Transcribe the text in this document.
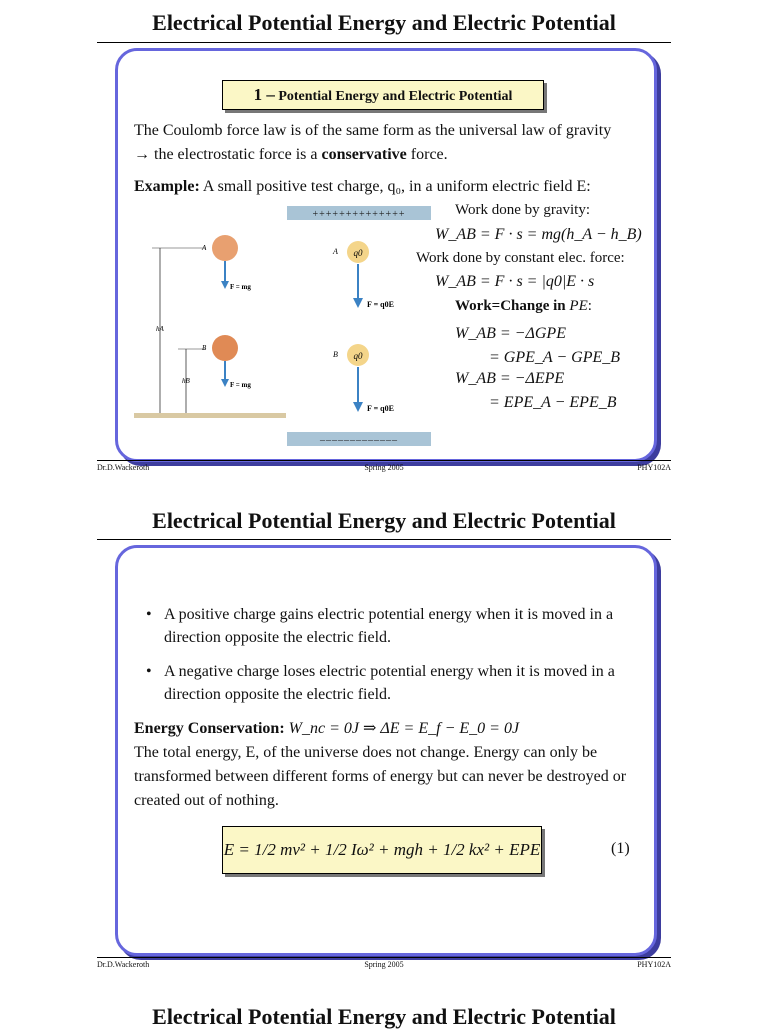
Electrical Potential Energy and Electric Potential
1 – Potential Energy and Electric Potential
The Coulomb force law is of the same form as the universal law of gravity
→ the electrostatic force is a conservative force.
Example: A small positive test charge, q₀, in a uniform electric field E:
hA
hB
A
B
F = mg
F = mg
++++++++++++++
–––––––––––––
q0
q0
A
B
F = q0E
F = q0E
Work done by gravity:
W_AB = F · s = mg(h_A − h_B)
Work done by constant elec. force:
W_AB = F · s = |q0|E · s
Work=Change in PE:
W_AB = −ΔGPE
= GPE_A − GPE_B
W_AB = −ΔEPE
= EPE_A − EPE_B
Dr.D.Wackeroth	Spring 2005	PHY102A
Electrical Potential Energy and Electric Potential
• A positive charge gains electric potential energy when it is moved in a direction opposite the electric field.
• A negative charge loses electric potential energy when it is moved in a direction opposite the electric field.
Energy Conservation: W_nc = 0J ⇒ ΔE = E_f − E_0 = 0J
The total energy, E, of the universe does not change. Energy can only be transformed between different forms of energy but can never be destroyed or created out of nothing.
E = 1/2 mv² + 1/2 Iω² + mgh + 1/2 kx² + EPE	(1)
Dr.D.Wackeroth	Spring 2005	PHY102A
Electrical Potential Energy and Electric Potential
